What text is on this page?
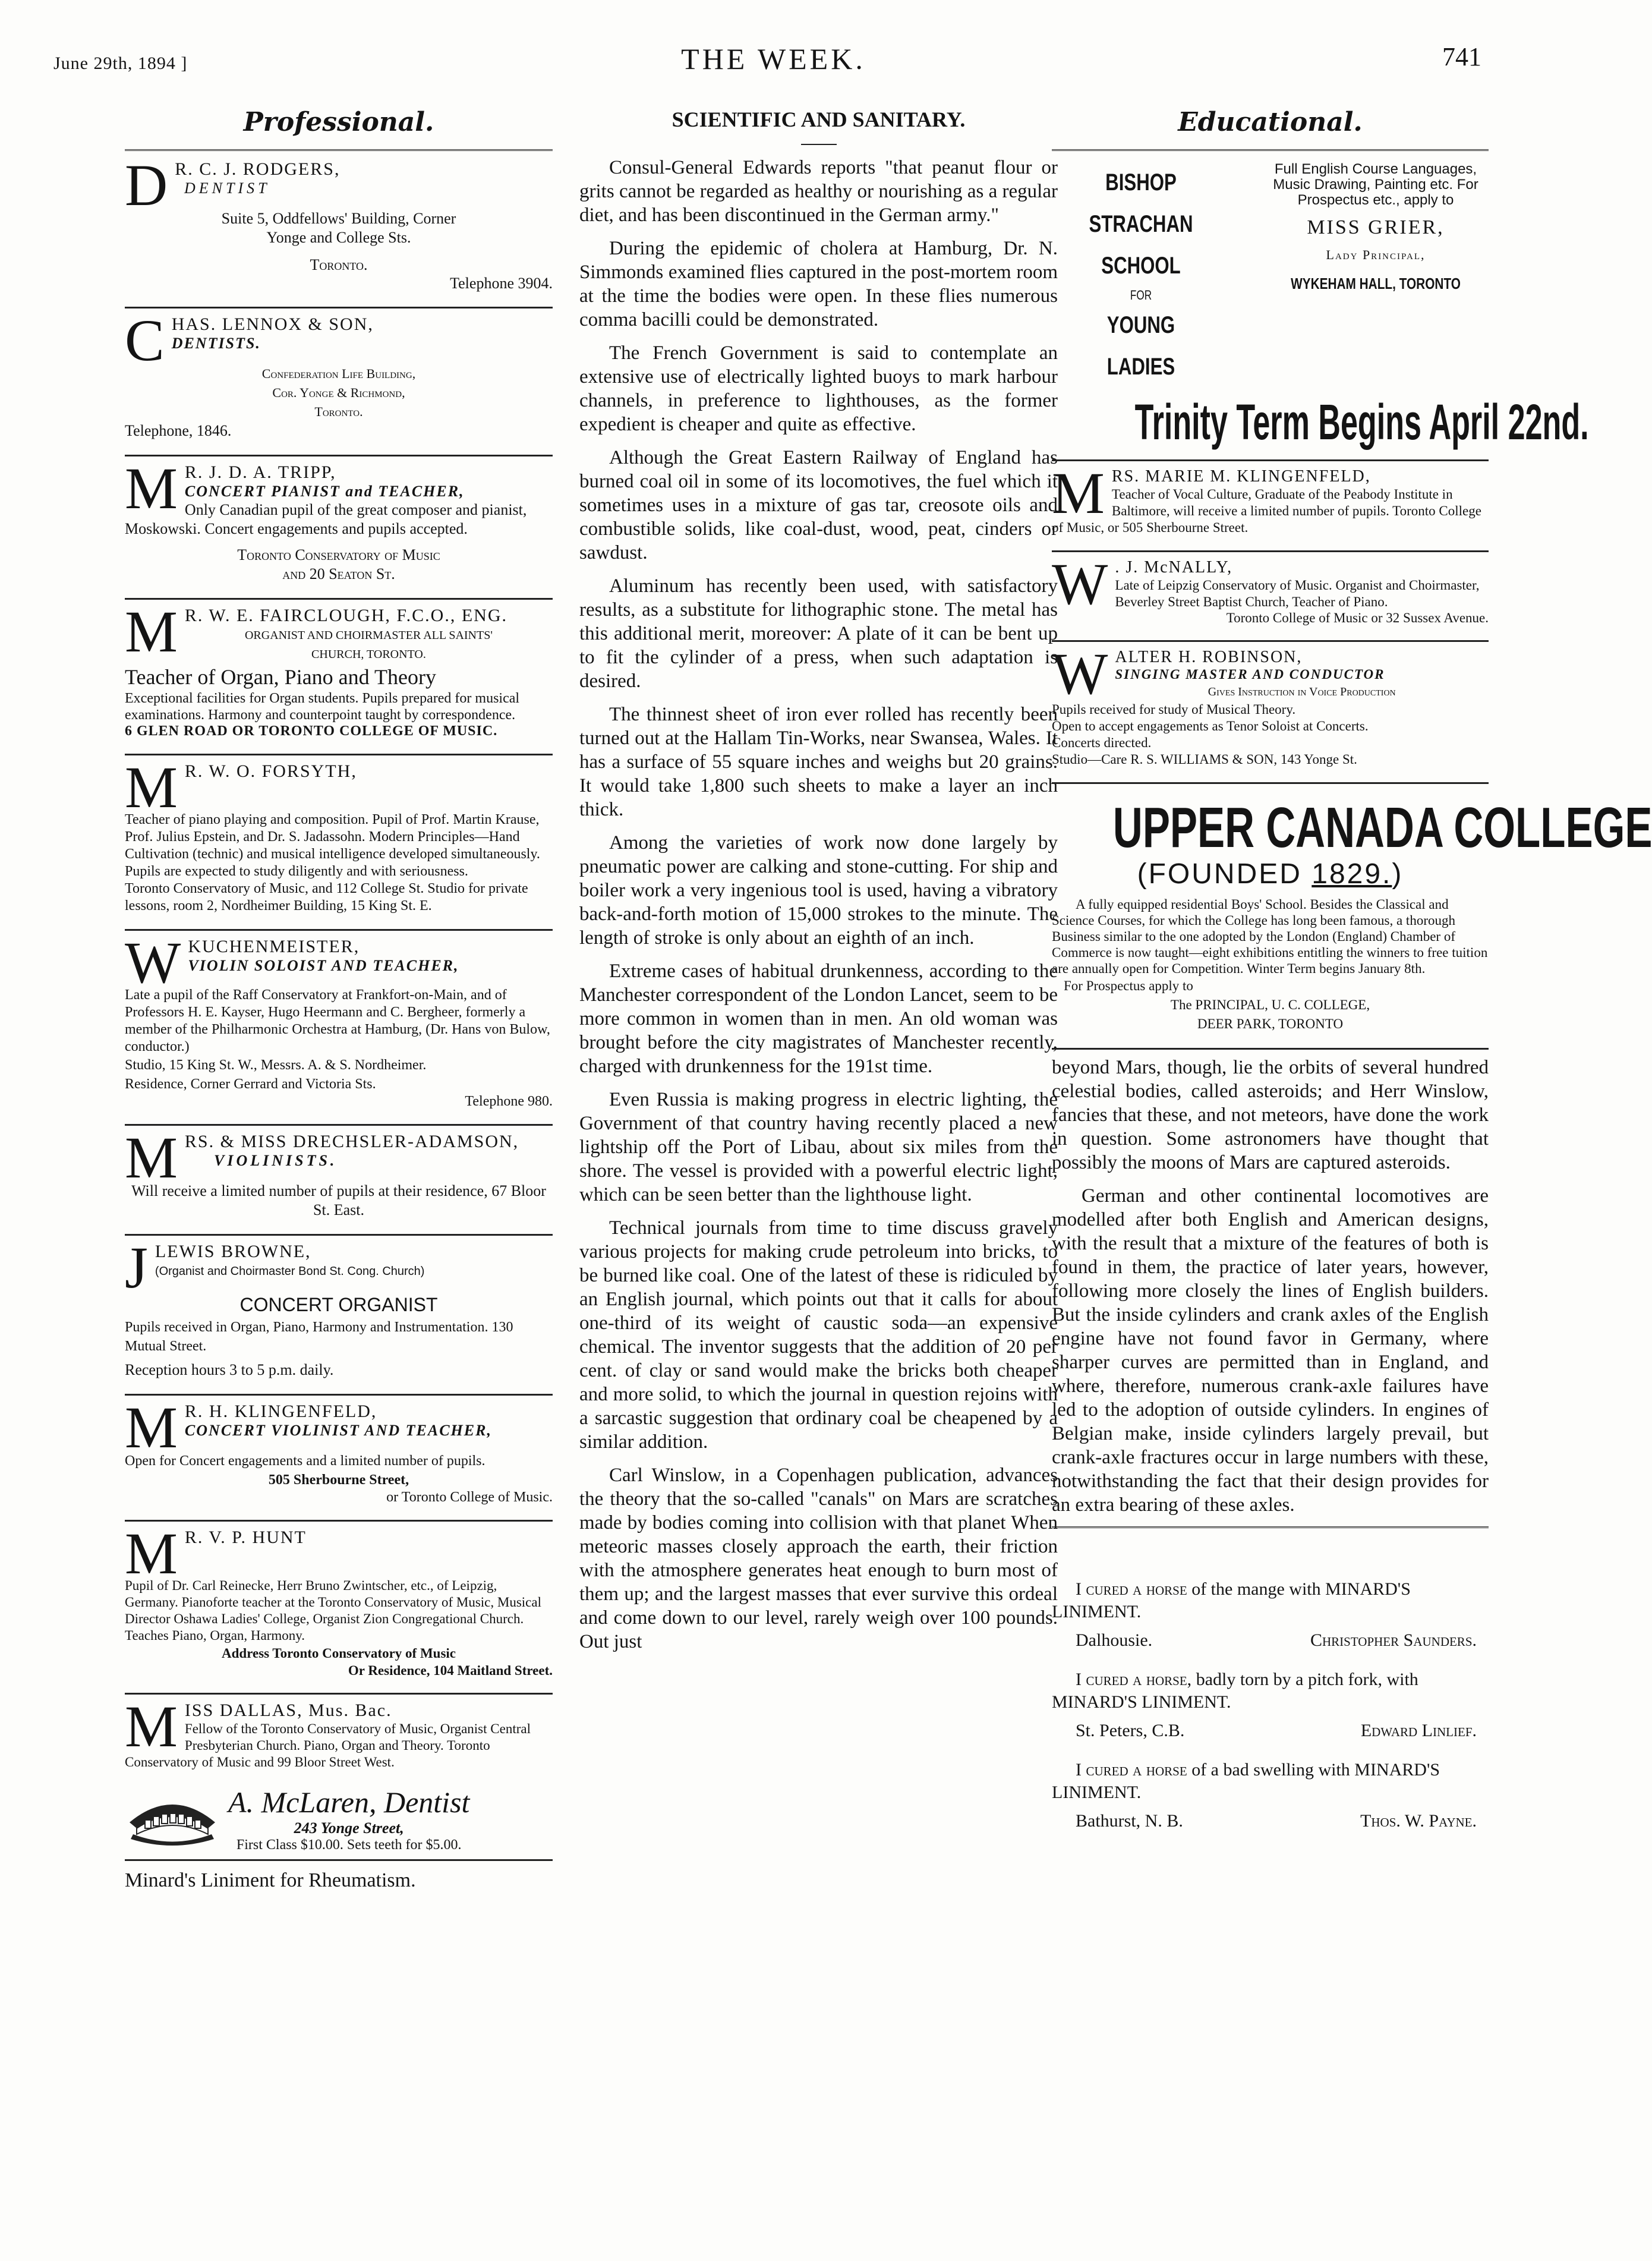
June 29th, 1894 ]	THE WEEK.	741
Professional.
D R. C. J. RODGERS,
DENTIST
Suite 5, Oddfellows' Building, Corner
Yonge and College Sts.
Toronto.
Telephone 3904.
C HAS. LENNOX & SON,
DENTISTS.
Confederation Life Building,
Cor. Yonge & Richmond,
Toronto.
Telephone, 1846.
M R. J. D. A. TRIPP,
CONCERT PIANIST and TEACHER,
Only Canadian pupil of the great composer and pianist, Moskowski. Concert engagements and pupils accepted.
Toronto Conservatory of Music
and 20 Seaton St.
M R. W. E. FAIRCLOUGH, F.C.O., ENG.
ORGANIST AND CHOIRMASTER ALL SAINTS'
CHURCH, TORONTO.
Teacher of Organ, Piano and Theory
Exceptional facilities for Organ students. Pupils prepared for musical examinations. Harmony and counterpoint taught by correspondence.
6 GLEN ROAD OR TORONTO COLLEGE OF MUSIC.
M R. W. O. FORSYTH,
Teacher of piano playing and composition. Pupil of Prof. Martin Krause, Prof. Julius Epstein, and Dr. S. Jadassohn. Modern Principles—Hand Cultivation (technic) and musical intelligence developed simultaneously. Pupils are expected to study diligently and with seriousness.
Toronto Conservatory of Music, and 112 College St. Studio for private lessons, room 2, Nordheimer Building, 15 King St. E.
W KUCHENMEISTER,
VIOLIN SOLOIST AND TEACHER,
Late a pupil of the Raff Conservatory at Frankfort-on-Main, and of Professors H. E. Kayser, Hugo Heermann and C. Bergheer, formerly a member of the Philharmonic Orchestra at Hamburg, (Dr. Hans von Bulow, conductor.)
Studio, 15 King St. W., Messrs. A. & S. Nordheimer.
Residence, Corner Gerrard and Victoria Sts.
Telephone 980.
M RS. & MISS DRECHSLER-ADAMSON,
VIOLINISTS.
Will receive a limited number of pupils at their residence, 67 Bloor St. East.
J LEWIS BROWNE,
(Organist and Choirmaster Bond St. Cong. Church)
CONCERT ORGANIST
Pupils received in Organ, Piano, Harmony and Instrumentation. 130 Mutual Street.
Reception hours 3 to 5 p.m. daily.
M R. H. KLINGENFELD,
CONCERT VIOLINIST AND TEACHER,
Open for Concert engagements and a limited number of pupils.
505 Sherbourne Street,
or Toronto College of Music.
M R. V. P. HUNT
Pupil of Dr. Carl Reinecke, Herr Bruno Zwintscher, etc., of Leipzig, Germany. Pianoforte teacher at the Toronto Conservatory of Music, Musical Director Oshawa Ladies' College, Organist Zion Congregational Church. Teaches Piano, Organ, Harmony.
Address Toronto Conservatory of Music
Or Residence, 104 Maitland Street.
M ISS DALLAS, Mus. Bac.
Fellow of the Toronto Conservatory of Music, Organist Central Presbyterian Church. Piano, Organ and Theory. Toronto Conservatory of Music and 99 Bloor Street West.
A. McLaren, Dentist
243 Yonge Street,
First Class $10.00. Sets teeth for $5.00.
Minard's Liniment for Rheumatism.
SCIENTIFIC AND SANITARY.

Consul-General Edwards reports "that peanut flour or grits cannot be regarded as healthy or nourishing as a regular diet, and has been discontinued in the German army."

During the epidemic of cholera at Hamburg, Dr. N. Simmonds examined flies captured in the post-mortem room at the time the bodies were open. In these flies numerous comma bacilli could be demonstrated.

The French Government is said to contemplate an extensive use of electrically lighted buoys to mark harbour channels, in preference to lighthouses, as the former expedient is cheaper and quite as effective.

Although the Great Eastern Railway of England has burned coal oil in some of its locomotives, the fuel which it sometimes uses in a mixture of gas tar, creosote oils and combustible solids, like coal-dust, wood, peat, cinders or sawdust.

Aluminum has recently been used, with satisfactory results, as a substitute for lithographic stone. The metal has this additional merit, moreover: A plate of it can be bent up to fit the cylinder of a press, when such adaptation is desired.

The thinnest sheet of iron ever rolled has recently been turned out at the Hallam Tin-Works, near Swansea, Wales. It has a surface of 55 square inches and weighs but 20 grains. It would take 1,800 such sheets to make a layer an inch thick.

Among the varieties of work now done largely by pneumatic power are calking and stone-cutting. For ship and boiler work a very ingenious tool is used, having a vibratory back-and-forth motion of 15,000 strokes to the minute. The length of stroke is only about an eighth of an inch.

Extreme cases of habitual drunkenness, according to the Manchester correspondent of the London Lancet, seem to be more common in women than in men. An old woman was brought before the city magistrates of Manchester recently, charged with drunkenness for the 191st time.

Even Russia is making progress in electric lighting, the Government of that country having recently placed a new lightship off the Port of Libau, about six miles from the shore. The vessel is provided with a powerful electric light, which can be seen better than the lighthouse light.

Technical journals from time to time discuss gravely various projects for making crude petroleum into bricks, to be burned like coal. One of the latest of these is ridiculed by an English journal, which points out that it calls for about one-third of its weight of caustic soda—an expensive chemical. The inventor suggests that the addition of 20 per cent. of clay or sand would make the bricks both cheaper and more solid, to which the journal in question rejoins with a sarcastic suggestion that ordinary coal be cheapened by a similar addition.

Carl Winslow, in a Copenhagen publication, advances the theory that the so-called "canals" on Mars are scratches made by bodies coming into collision with that planet When meteoric masses closely approach the earth, their friction with the atmosphere generates heat enough to burn most of them up; and the largest masses that ever survive this ordeal and come down to our level, rarely weigh over 100 pounds. Out just

Educational.
BISHOP
STRACHAN
SCHOOL
FOR
YOUNG LADIES
Full English Course Languages, Music Drawing, Painting etc. For Prospectus etc., apply to
MISS GRIER,
Lady Principal,
WYKEHAM HALL, TORONTO
Trinity Term Begins April 22nd.
M RS. MARIE M. KLINGENFELD,
Teacher of Vocal Culture, Graduate of the Peabody Institute in Baltimore, will receive a limited number of pupils. Toronto College of Music, or 505 Sherbourne Street.
W . J. McNALLY,
Late of Leipzig Conservatory of Music. Organist and Choirmaster, Beverley Street Baptist Church, Teacher of Piano.
Toronto College of Music or 32 Sussex Avenue.
W ALTER H. ROBINSON,
SINGING MASTER AND CONDUCTOR
Gives Instruction in Voice Production
Pupils received for study of Musical Theory.
Open to accept engagements as Tenor Soloist at Concerts.
Concerts directed.
Studio—Care R. S. WILLIAMS & SON, 143 Yonge St.
UPPER CANADA COLLEGE
(FOUNDED 1829.)
A fully equipped residential Boys' School. Besides the Classical and Science Courses, for which the College has long been famous, a thorough Business similar to the one adopted by the London (England) Chamber of Commerce is now taught—eight exhibitions entitling the winners to free tuition are annually open for Competition. Winter Term begins January 8th.
For Prospectus apply to
The PRINCIPAL, U. C. COLLEGE,
DEER PARK, TORONTO

beyond Mars, though, lie the orbits of several hundred celestial bodies, called asteroids; and Herr Winslow, fancies that these, and not meteors, have done the work in question. Some astronomers have thought that possibly the moons of Mars are captured asteroids.

German and other continental locomotives are modelled after both English and American designs, with the result that a mixture of the features of both is found in them, the practice of later years, however, following more closely the lines of English builders. But the inside cylinders and crank axles of the English engine have not found favor in Germany, where sharper curves are permitted than in England, and where, therefore, numerous crank-axle failures have led to the adoption of outside cylinders. In engines of Belgian make, inside cylinders largely prevail, but crank-axle fractures occur in large numbers with these, notwithstanding the fact that their design provides for an extra bearing of these axles.

I cured a horse of the mange with MINARD'S LINIMENT.

Dalhousie.	Christopher Saunders.

I cured a horse, badly torn by a pitch fork, with MINARD'S LINIMENT.

St. Peters, C.B.	Edward Linlief.

I cured a horse of a bad swelling with MINARD'S LINIMENT.

Bathurst, N. B.	Thos. W. Payne.
